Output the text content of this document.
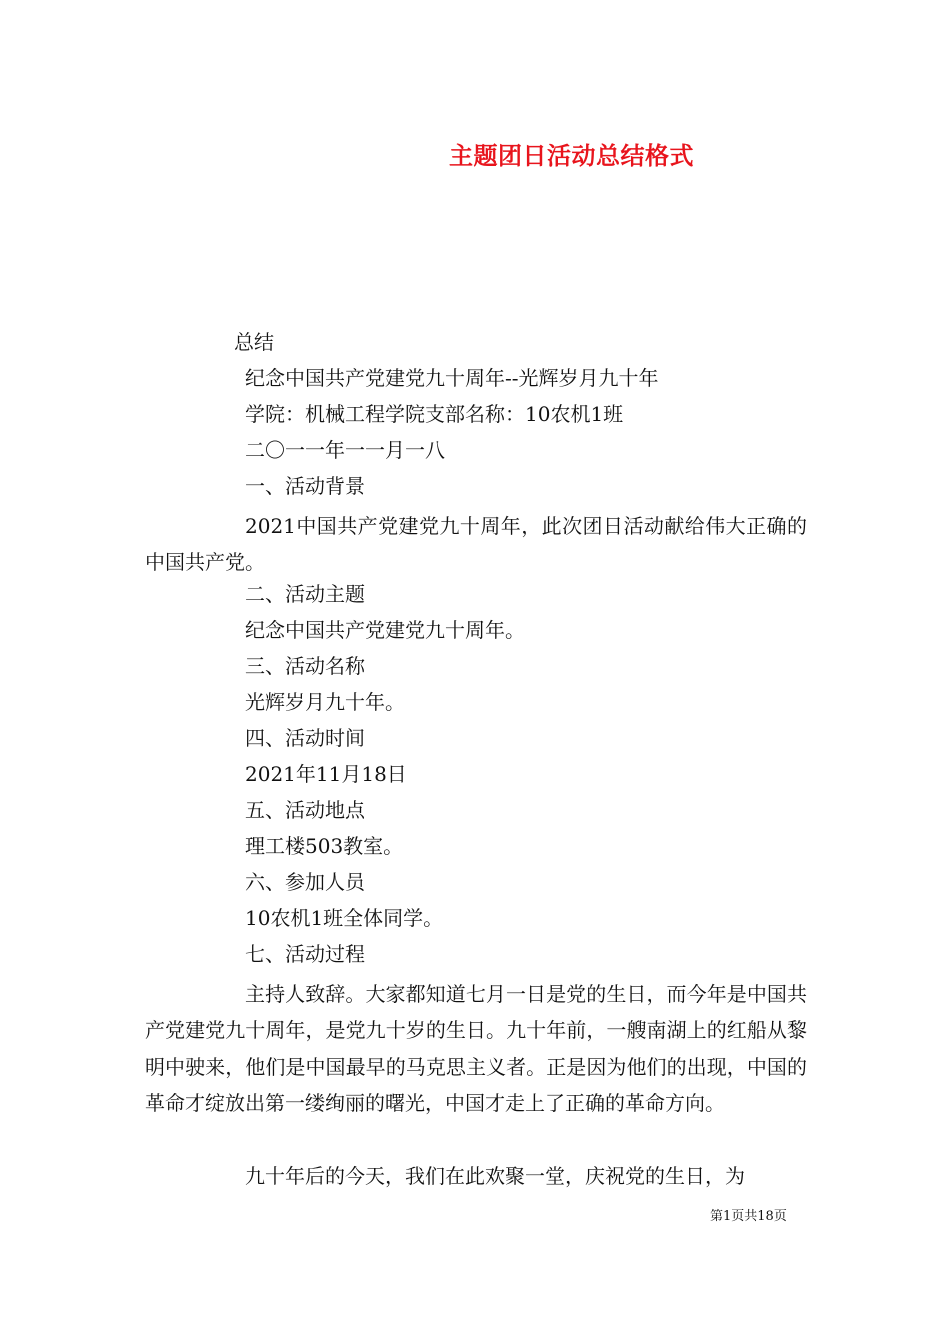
主题团日活动总结格式
总结
纪念中国共产党建党九十周年--光辉岁月九十年
学院：机械工程学院支部名称：10农机1班
二〇一一年一一月一八
一、活动背景
2021中国共产党建党九十周年，此次团日活动献给伟大正确的中国共产党。
二、活动主题
纪念中国共产党建党九十周年。
三、活动名称
光辉岁月九十年。
四、活动时间
2021年11月18日
五、活动地点
理工楼503教室。
六、参加人员
10农机1班全体同学。
七、活动过程
主持人致辞。大家都知道七月一日是党的生日，而今年是中国共产党建党九十周年，是党九十岁的生日。九十年前，一艘南湖上的红船从黎明中驶来，他们是中国最早的马克思主义者。正是因为他们的出现，中国的革命才绽放出第一缕绚丽的曙光，中国才走上了正确的革命方向。
九十年后的今天，我们在此欢聚一堂，庆祝党的生日，为
第1页共18页
